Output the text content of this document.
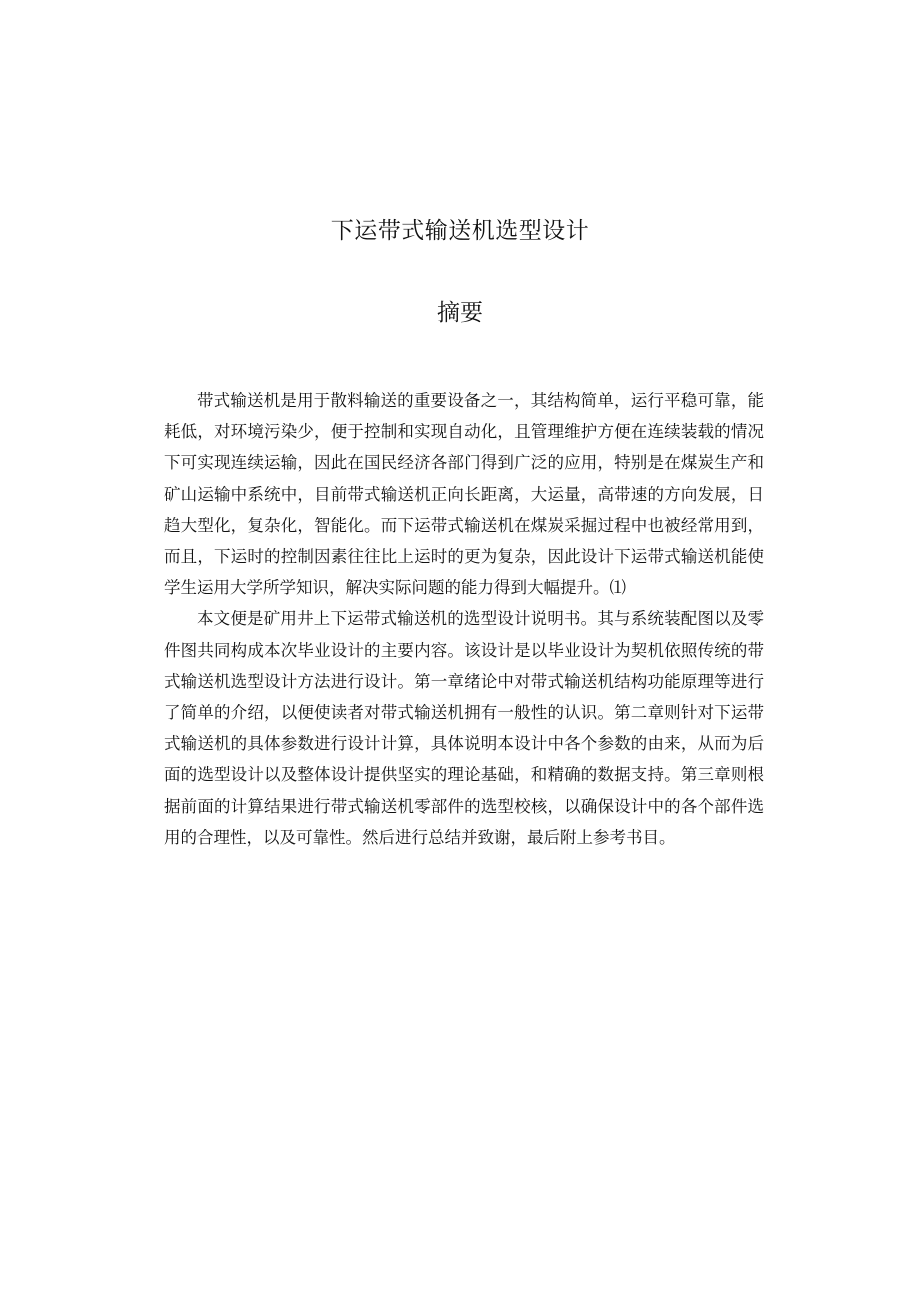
下运带式输送机选型设计
摘要

带式输送机是用于散料输送的重要设备之一，其结构简单，运行平稳可靠，能耗低，对环境污染少，便于控制和实现自动化，且管理维护方便在连续装载的情况下可实现连续运输，因此在国民经济各部门得到广泛的应用，特别是在煤炭生产和矿山运输中系统中，目前带式输送机正向长距离，大运量，高带速的方向发展，日趋大型化，复杂化，智能化。而下运带式输送机在煤炭采掘过程中也被经常用到，而且，下运时的控制因素往往比上运时的更为复杂，因此设计下运带式输送机能使学生运用大学所学知识，解决实际问题的能力得到大幅提升。⑴

本文便是矿用井上下运带式输送机的选型设计说明书。其与系统装配图以及零件图共同构成本次毕业设计的主要内容。该设计是以毕业设计为契机依照传统的带式输送机选型设计方法进行设计。第一章绪论中对带式输送机结构功能原理等进行了简单的介绍，以便使读者对带式输送机拥有一般性的认识。第二章则针对下运带式输送机的具体参数进行设计计算，具体说明本设计中各个参数的由来，从而为后面的选型设计以及整体设计提供坚实的理论基础，和精确的数据支持。第三章则根据前面的计算结果进行带式输送机零部件的选型校核，以确保设计中的各个部件选用的合理性，以及可靠性。然后进行总结并致谢，最后附上参考书目。
